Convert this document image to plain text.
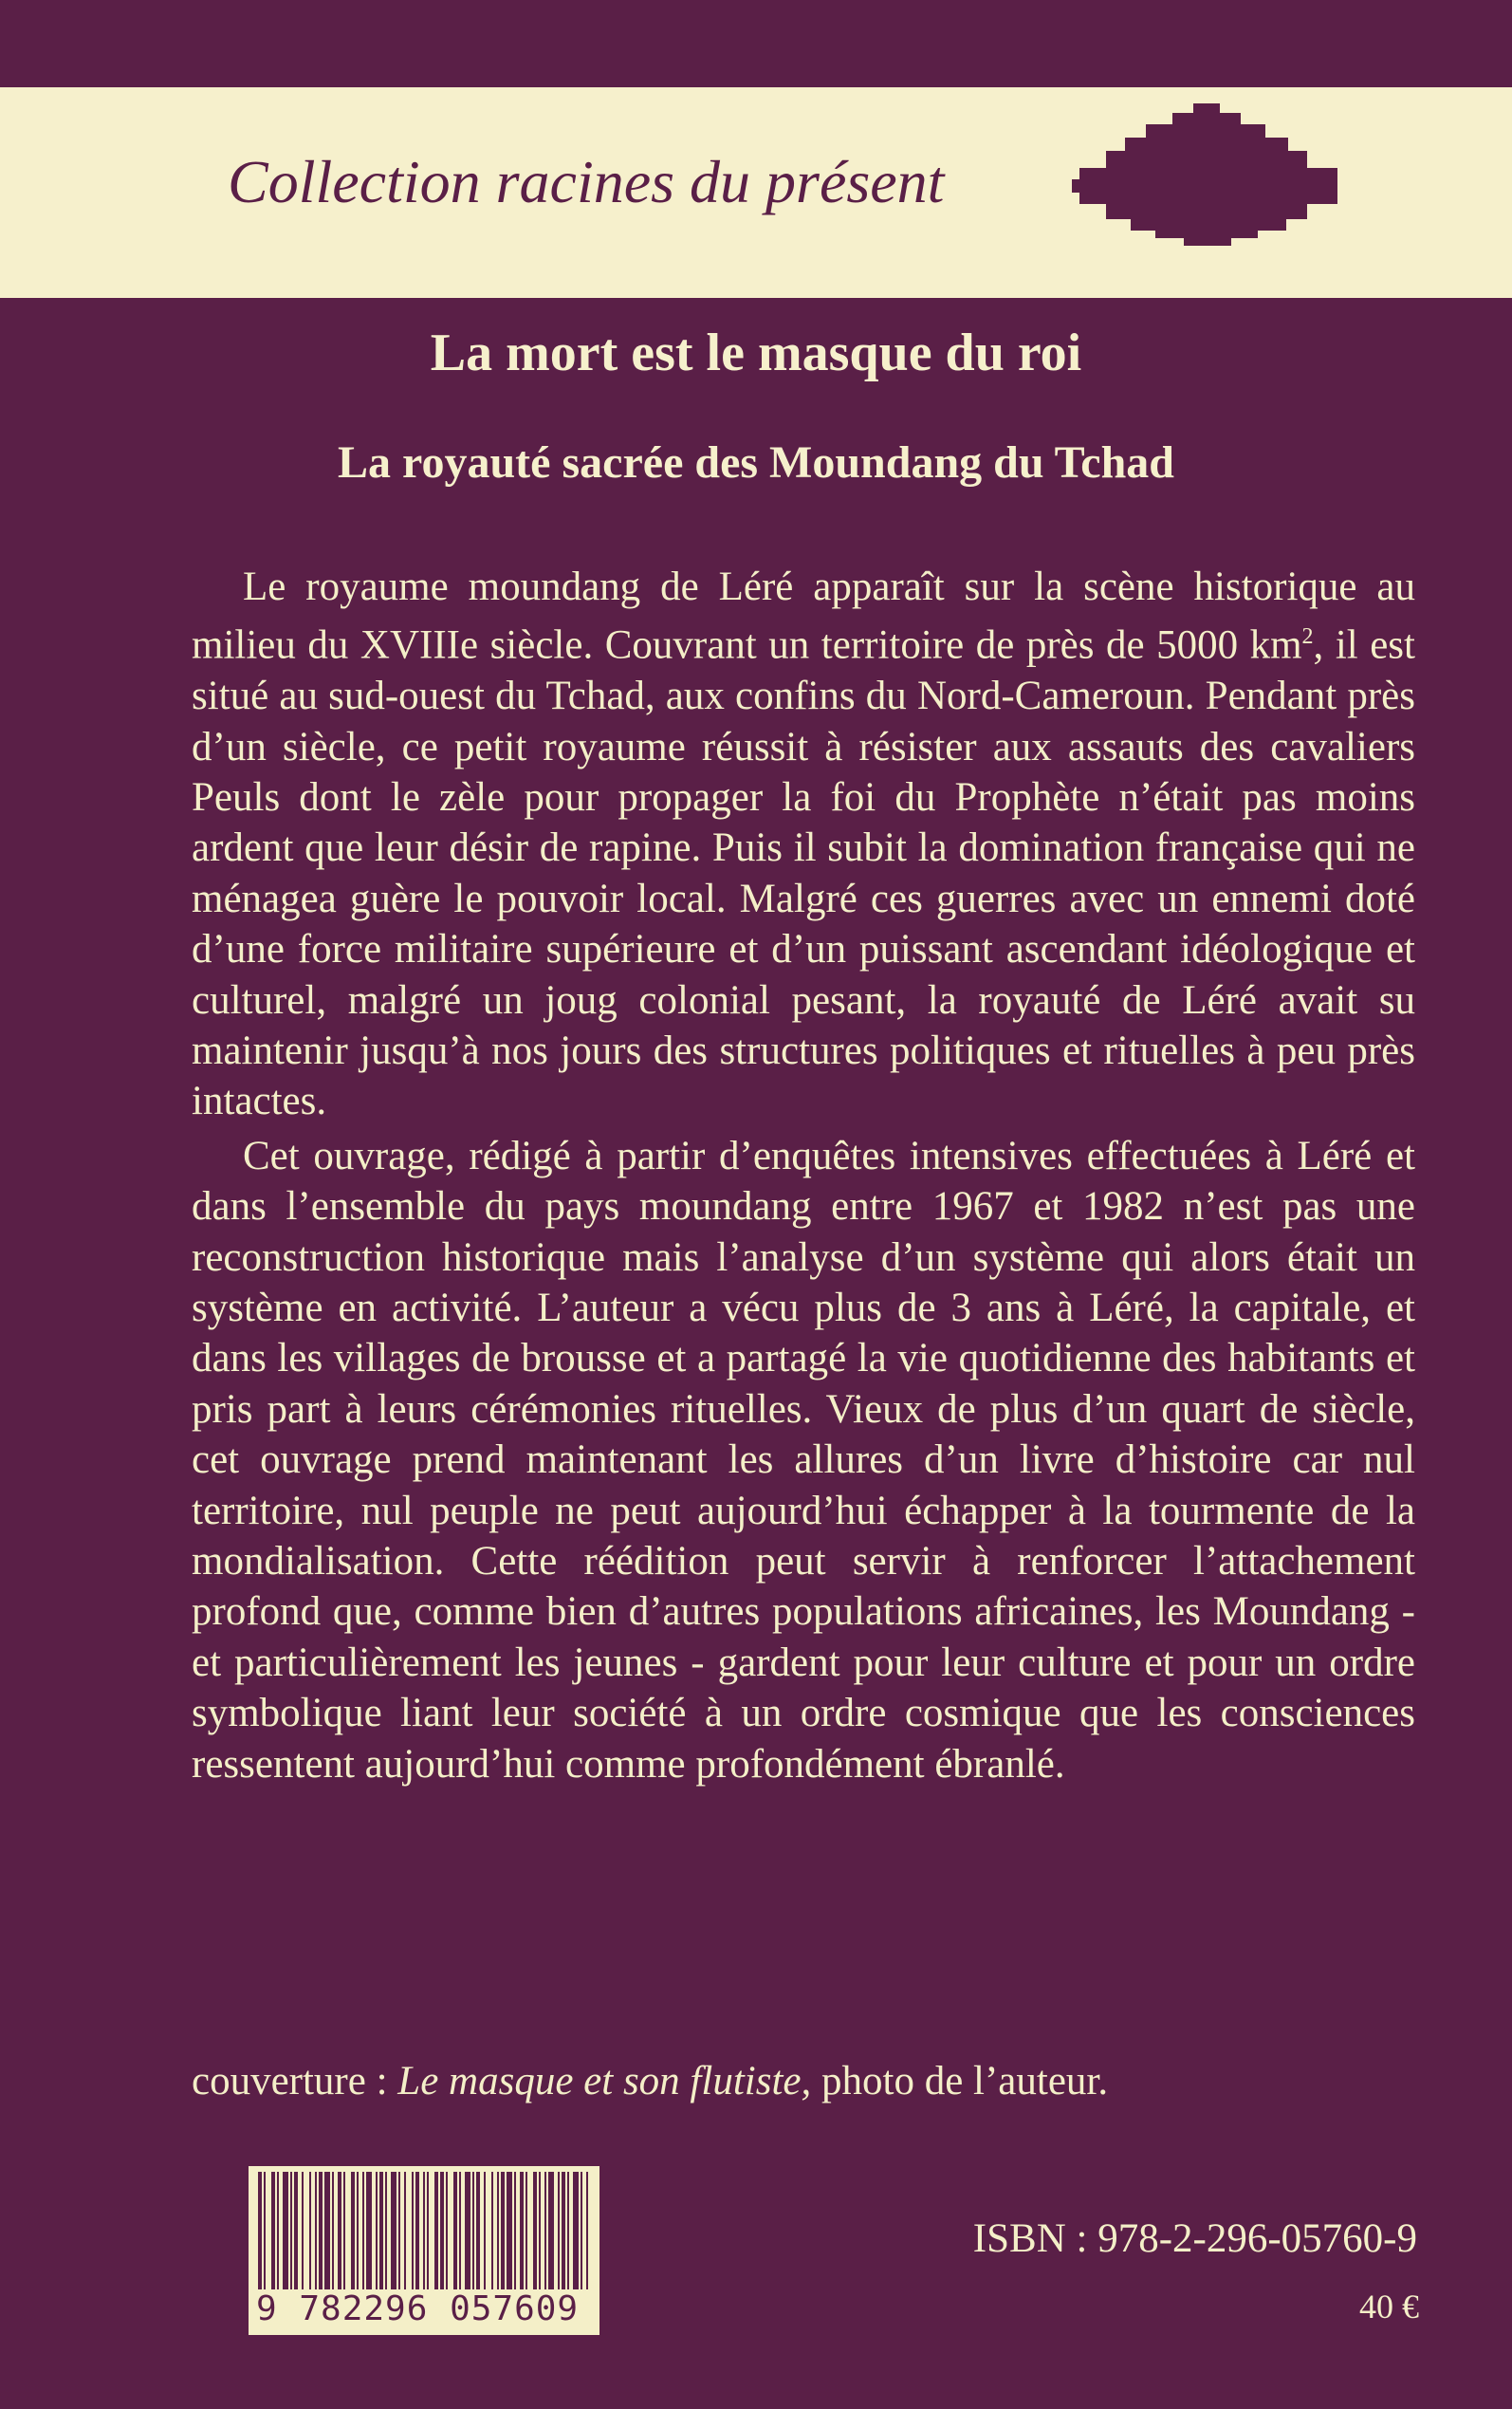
Collection racines du présent
La mort est le masque du roi
La royauté sacrée des Moundang du Tchad

Le royaume moundang de Léré apparaît sur la scène historique au milieu du XVIIIe siècle. Couvrant un territoire de près de 5000 $km^2$, il est situé au sud-ouest du Tchad, aux confins du Nord-Cameroun. Pendant près d’un siècle, ce petit royaume réussit à résister aux assauts des cavaliers Peuls dont le zèle pour propager la foi du Prophète n’était pas moins ardent que leur désir de rapine. Puis il subit la domination française qui ne ménagea guère le pouvoir local. Malgré ces guerres avec un ennemi doté d’une force militaire supérieure et d’un puissant ascendant idéologique et culturel, malgré un joug colonial pesant, la royauté de Léré avait su maintenir jusqu’à nos jours des structures politiques et rituelles à peu près intactes.

Cet ouvrage, rédigé à partir d’enquêtes intensives effectuées à Léré et dans l’ensemble du pays moundang entre 1967 et 1982 n’est pas une reconstruction historique mais l’analyse d’un système qui alors était un système en activité. L’auteur a vécu plus de 3 ans à Léré, la capitale, et dans les villages de brousse et a partagé la vie quotidienne des habitants et pris part à leurs cérémonies rituelles. Vieux de plus d’un quart de siècle, cet ouvrage prend maintenant les allures d’un livre d’histoire car nul territoire, nul peuple ne peut aujourd’hui échapper à la tourmente de la mondialisation. Cette réédition peut servir à renforcer l’attachement profond que, comme bien d’autres populations africaines, les Moundang - et particulièrement les jeunes - gardent pour leur culture et pour un ordre symbolique liant leur société à un ordre cosmique que les consciences ressentent aujourd’hui comme profondément ébranlé.

couverture : Le masque et son flutiste, photo de l’auteur.
9 782296 057609
ISBN : 978-2-296-05760-9
40 €
